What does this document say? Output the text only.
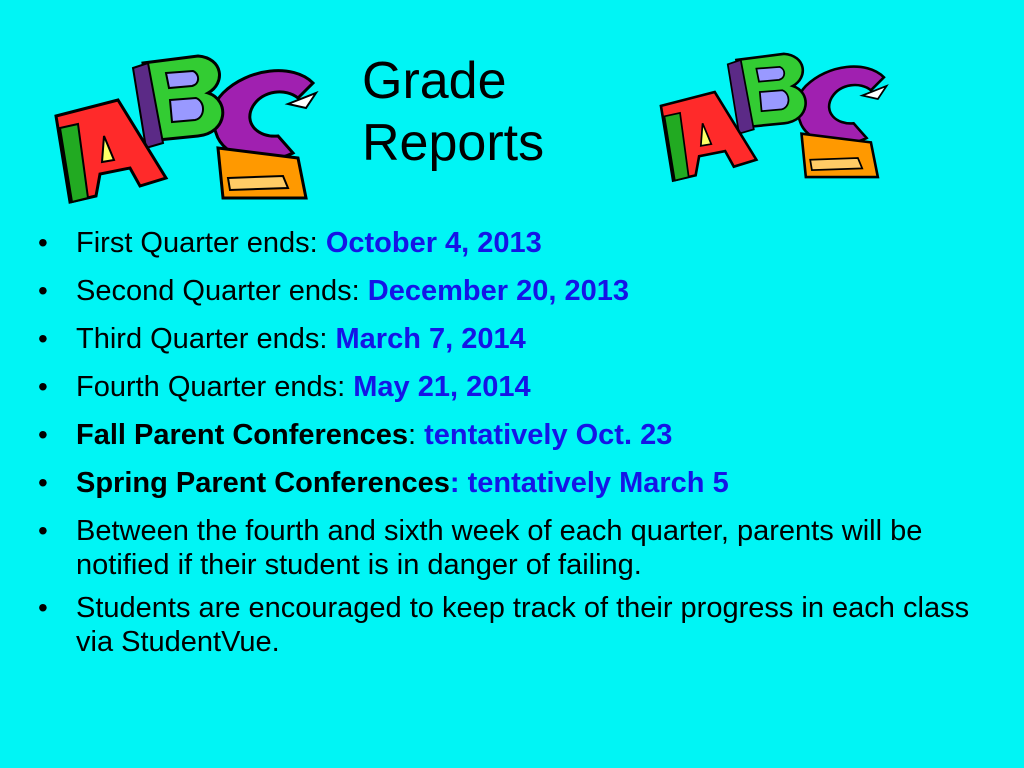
Grade
Reports
• First Quarter ends: October 4, 2013
• Second Quarter ends: December 20, 2013
• Third Quarter ends: March 7, 2014
• Fourth Quarter ends: May 21, 2014
• Fall Parent Conferences: tentatively Oct. 23
• Spring Parent Conferences: tentatively March 5
• Between the fourth and sixth week of each quarter, parents will be notified if their student is in danger of failing.
• Students are encouraged to keep track of their progress in each class via StudentVue.
